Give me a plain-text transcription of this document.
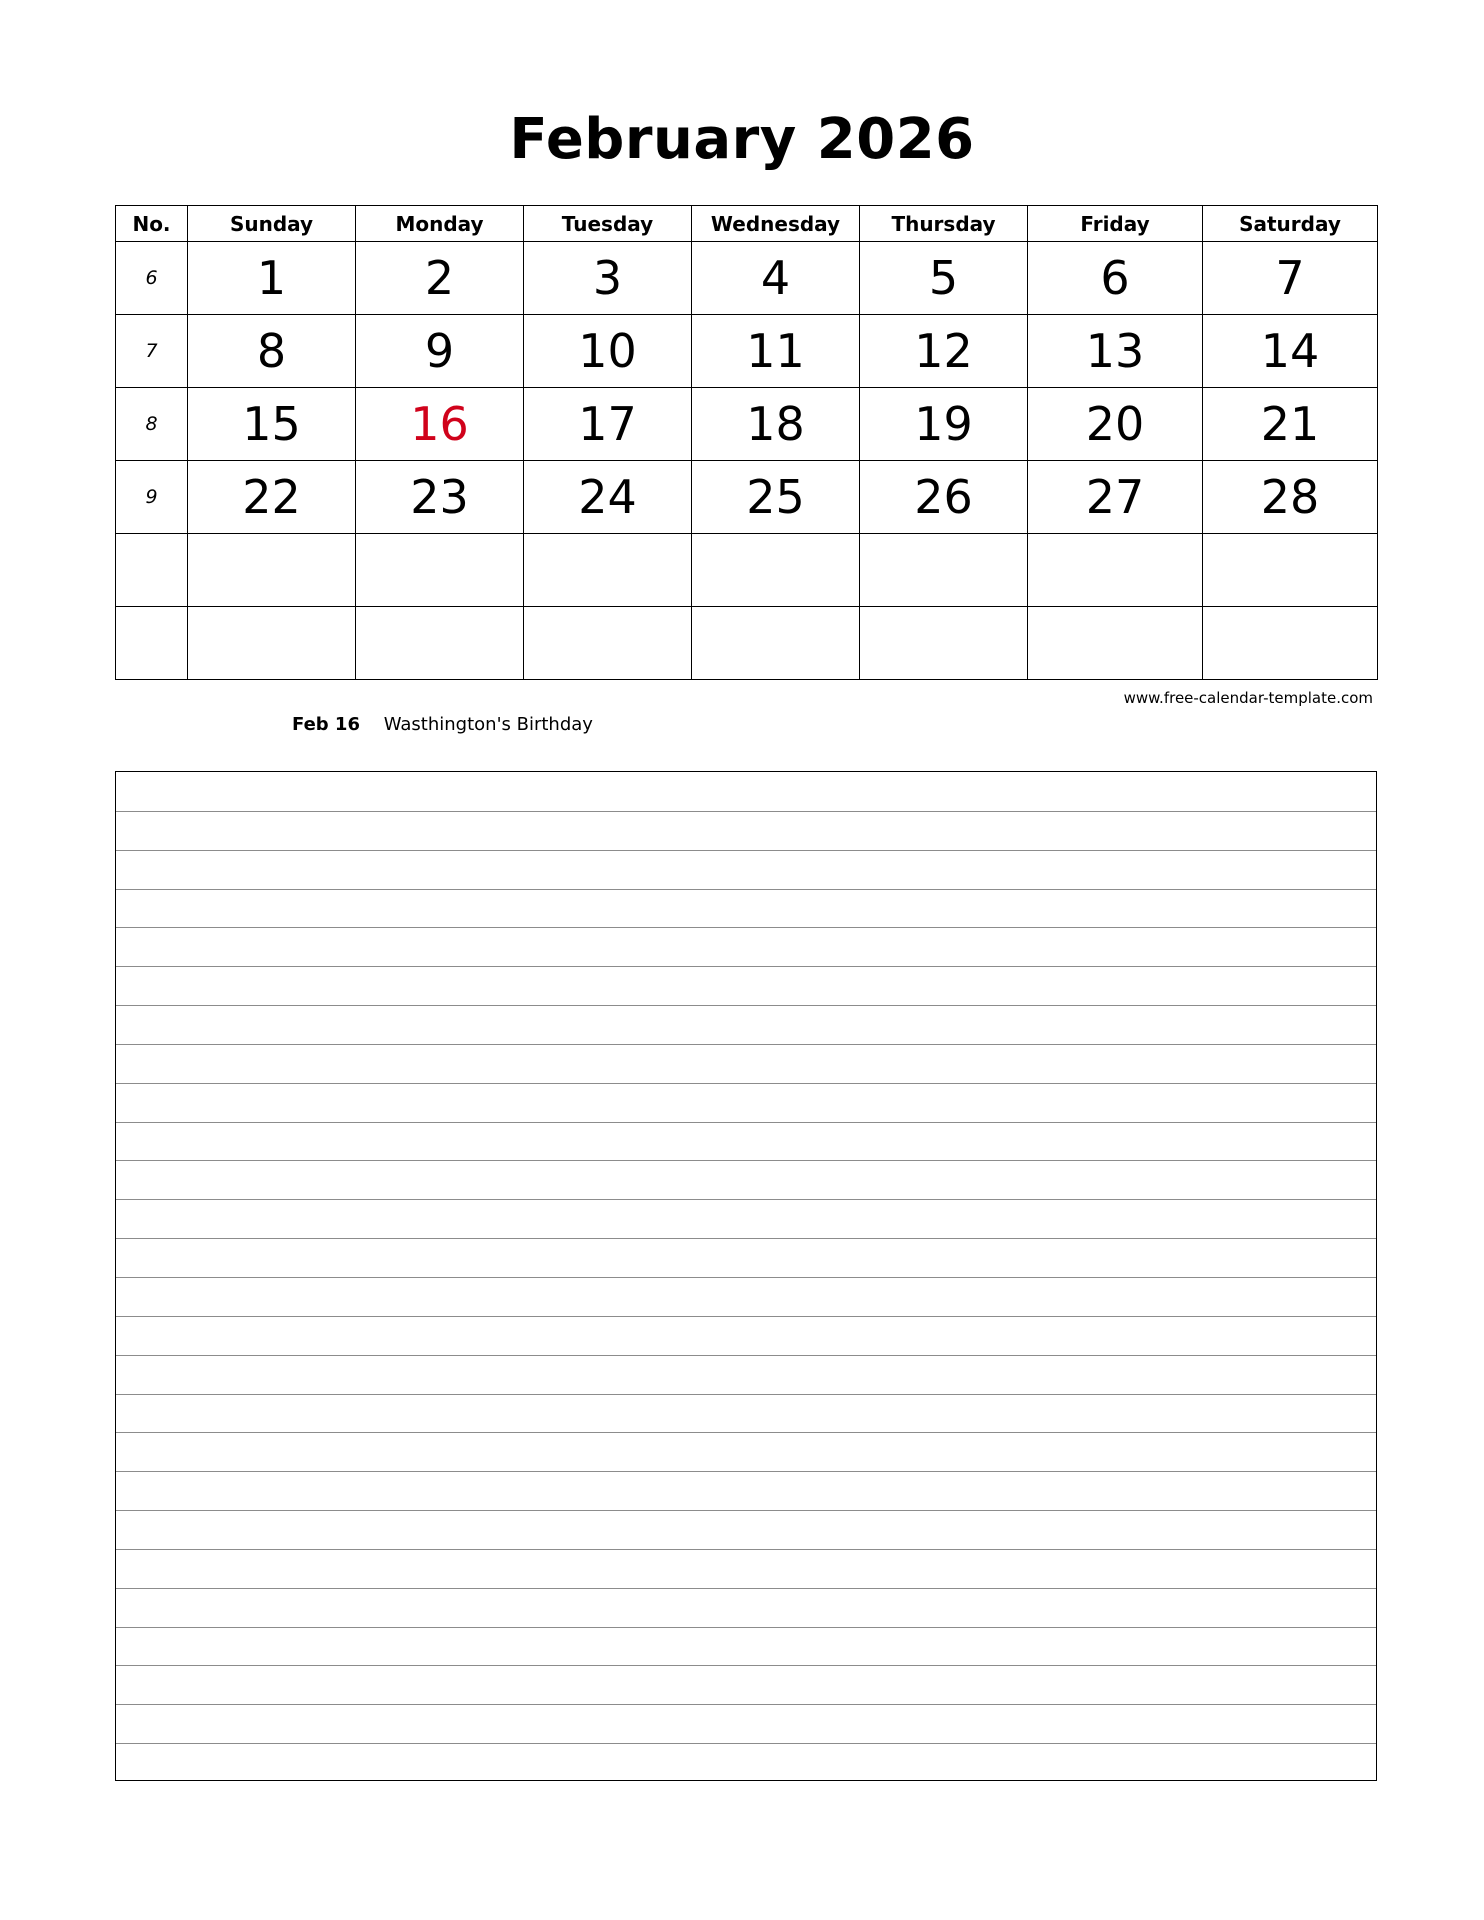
February 2026
No.	Sunday	Monday	Tuesday	Wednesday	Thursday	Friday	Saturday
6	1	2	3	4	5	6	7
7	8	9	10	11	12	13	14
8	15	16	17	18	19	20	21
9	22	23	24	25	26	27	28

www.free-calendar-template.com
Feb 16 Wasthington's Birthday
